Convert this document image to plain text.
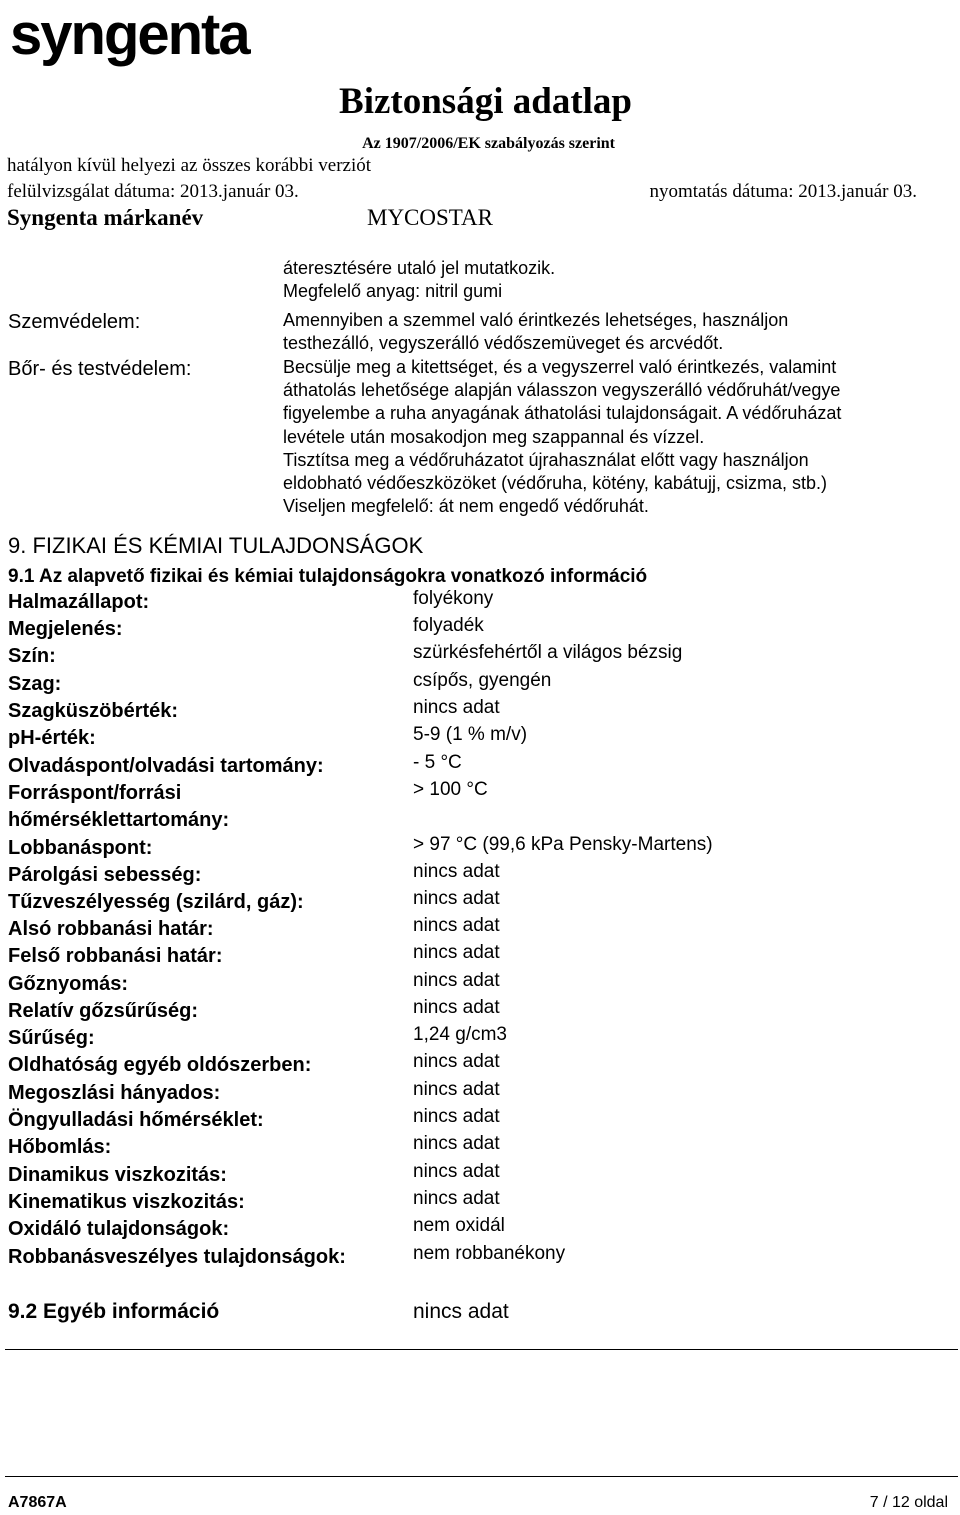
syngenta
Biztonsági adatlap
Az 1907/2006/EK szabályozás szerint
hatályon kívül helyezi az összes korábbi verziót
felülvizsgálat dátuma: 2013.január 03.	nyomtatás dátuma: 2013.január 03.
Syngenta márkanév	MYCOSTAR
áteresztésére utaló jel mutatkozik.
Megfelelő anyag: nitril gumi
Szemvédelem:	Amennyiben a szemmel való érintkezés lehetséges, használjon
testhezálló, vegyszerálló védőszemüveget és arcvédőt.
Bőr- és testvédelem:	Becsülje meg a kitettséget, és a vegyszerrel való érintkezés, valamint
áthatolás lehetősége alapján válasszon vegyszerálló védőruhát/vegye
figyelembe a ruha anyagának áthatolási tulajdonságait. A védőruházat
levétele után mosakodjon meg szappannal és vízzel.
Tisztítsa meg a védőruházatot újrahasználat előtt vagy használjon
eldobható védőeszközöket (védőruha, kötény, kabátujj, csizma, stb.)
Viseljen megfelelő: át nem engedő védőruhát.
9. FIZIKAI ÉS KÉMIAI TULAJDONSÁGOK
9.1 Az alapvető fizikai és kémiai tulajdonságokra vonatkozó információ
Halmazállapot:	folyékony
Megjelenés:	folyadék
Szín:	szürkésfehértől a világos bézsig
Szag:	csípős, gyengén
Szagküszöbérték:	nincs adat
pH-érték:	5-9 (1 % m/v)
Olvadáspont/olvadási tartomány:	- 5 °C
Forráspont/forrási	> 100 °C
hőmérséklettartomány:
Lobbanáspont:	> 97 °C (99,6 kPa Pensky-Martens)
Párolgási sebesség:	nincs adat
Tűzveszélyesség (szilárd, gáz):	nincs adat
Alsó robbanási határ:	nincs adat
Felső robbanási határ:	nincs adat
Gőznyomás:	nincs adat
Relatív gőzsűrűség:	nincs adat
Sűrűség:	1,24 g/cm3
Oldhatóság egyéb oldószerben:	nincs adat
Megoszlási hányados:	nincs adat
Öngyulladási hőmérséklet:	nincs adat
Hőbomlás:	nincs adat
Dinamikus viszkozitás:	nincs adat
Kinematikus viszkozitás:	nincs adat
Oxidáló tulajdonságok:	nem oxidál
Robbanásveszélyes tulajdonságok:	nem robbanékony
9.2 Egyéb információ	nincs adat
A7867A	7 / 12 oldal
